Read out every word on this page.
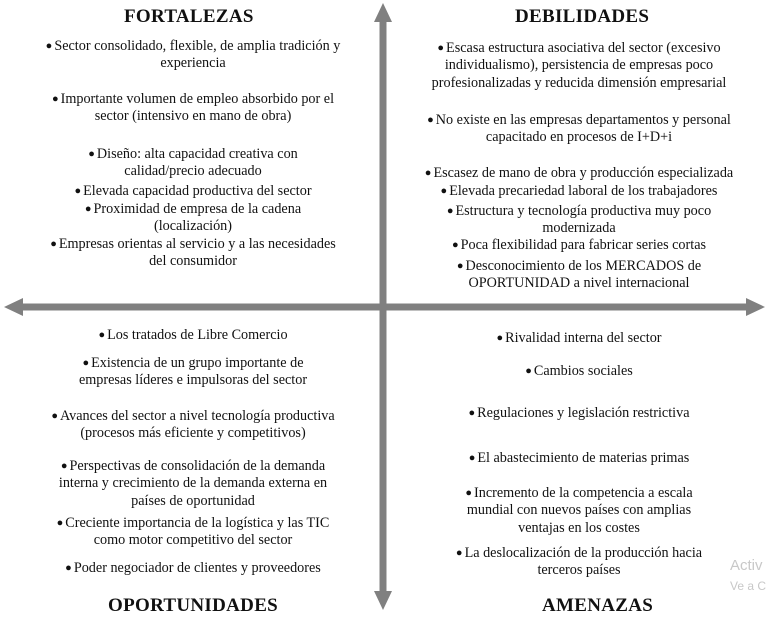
FORTALEZAS	DEBILIDADES
OPORTUNIDADES	AMENAZAS
● Sector consolidado, flexible, de amplia tradición y
experiencia
● Importante volumen de empleo absorbido por el
sector (intensivo en mano de obra)
● Diseño: alta capacidad creativa con
calidad/precio adecuado
● Elevada capacidad productiva del sector
● Proximidad de empresa de la cadena
(localización)
● Empresas orientas al servicio y a las necesidades
del consumidor
● Escasa estructura asociativa del sector (excesivo
individualismo), persistencia de empresas poco
profesionalizadas y reducida dimensión empresarial
● No existe en las empresas departamentos y personal
capacitado en procesos de I+D+i
● Escasez de mano de obra y producción especializada
● Elevada precariedad laboral de los trabajadores
● Estructura y tecnología productiva muy poco
modernizada
● Poca flexibilidad para fabricar series cortas
● Desconocimiento de los MERCADOS de
OPORTUNIDAD a nivel internacional
● Los tratados de Libre Comercio
● Existencia de un grupo importante de
empresas líderes e impulsoras del sector
● Avances del sector a nivel tecnología productiva
(procesos más eficiente y competitivos)
● Perspectivas de consolidación de la demanda
interna y crecimiento de la demanda externa en
países de oportunidad
● Creciente importancia de la logística y las TIC
como motor competitivo del sector
● Poder negociador de clientes y proveedores
● Rivalidad interna del sector
● Cambios sociales
● Regulaciones y legislación restrictiva
● El abastecimiento de materias primas
● Incremento de la competencia a escala
mundial con nuevos países con amplias
ventajas en los costes
● La deslocalización de la producción hacia
terceros países	Activ
Ve a C
